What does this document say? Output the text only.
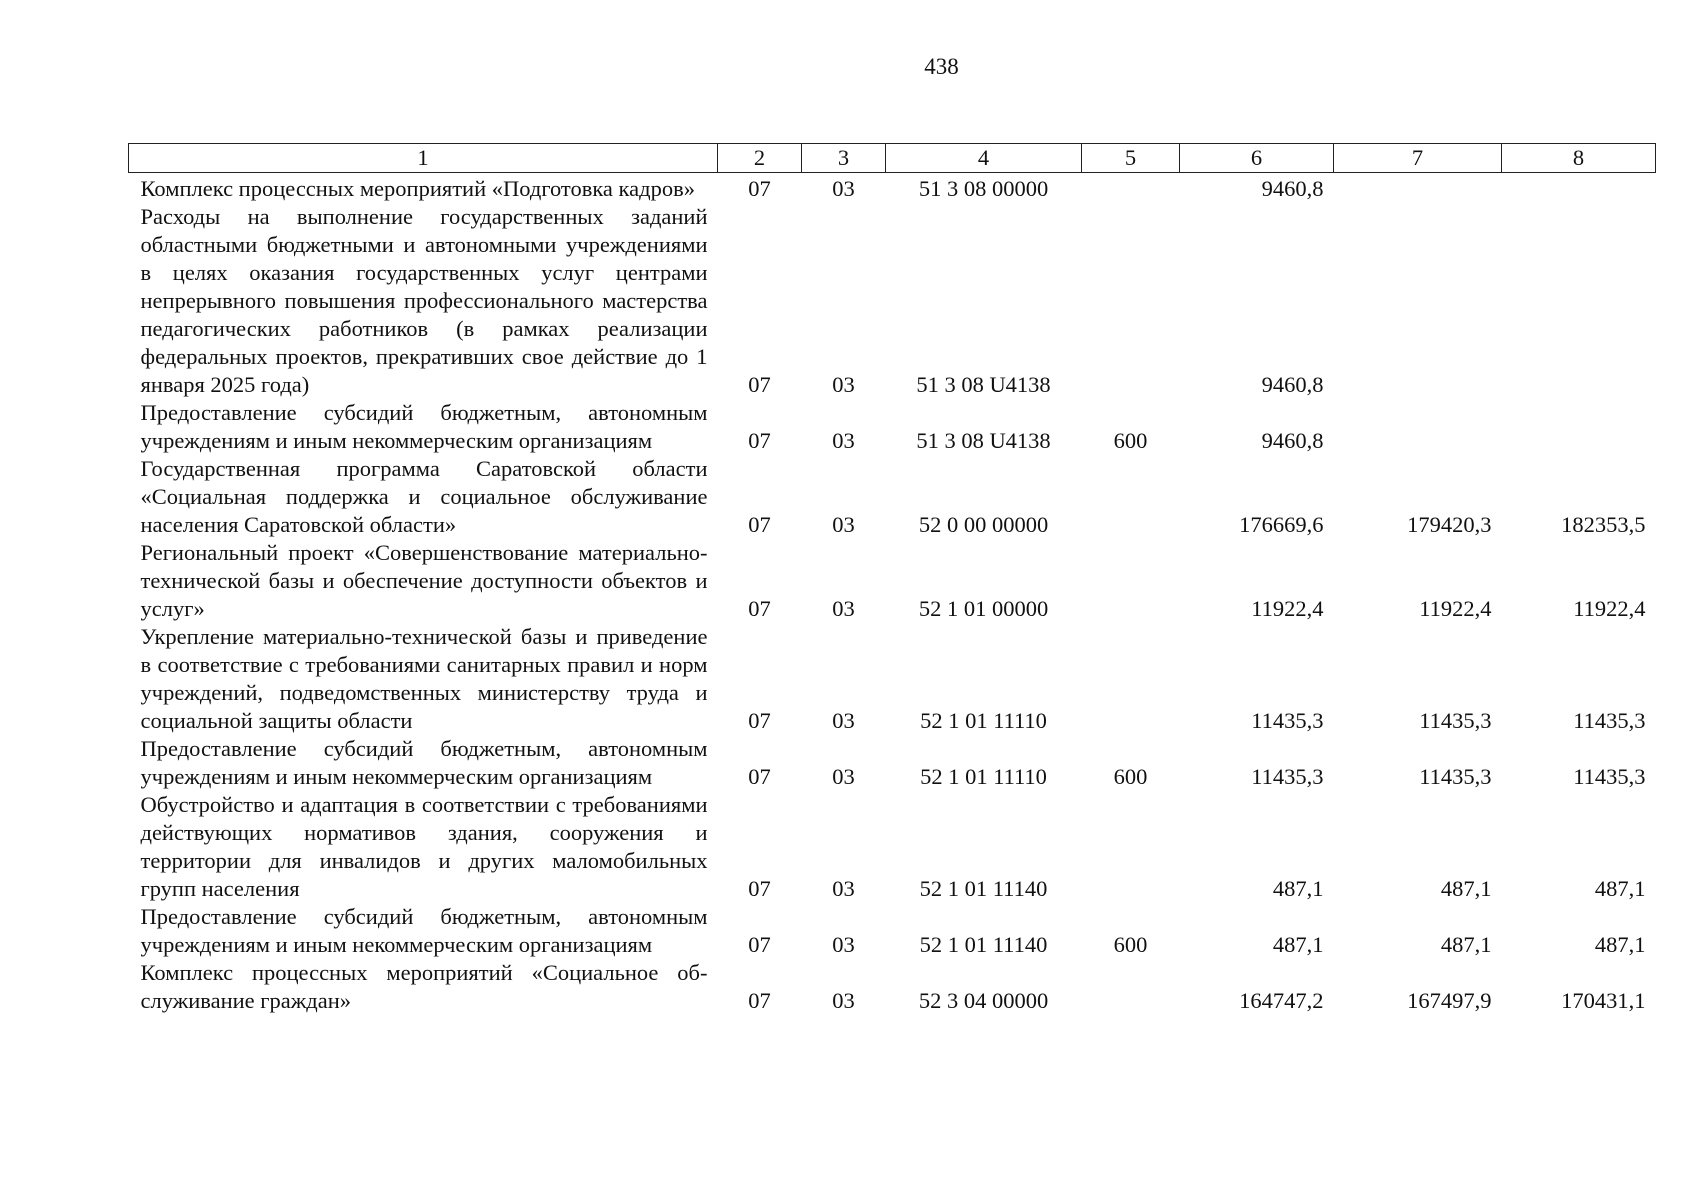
438
1	2	3	4	5	6	7	8
Комплекс процессных мероприятий «Подготовка кадров»	07	03	51 3 08 00000		9460,8		
Расходы на выполнение государственных заданий областными бюджетными и автономными учреждениями в целях оказания государственных услуг центрами непрерывного повышения профессионального мастерства педагогических работников (в рамках реализации федеральных проектов, прекративших свое действие до 1 января 2025 года)	07	03	51 3 08 U4138		9460,8		
Предоставление субсидий бюджетным, автономным учреждениям и иным некоммерческим организациям	07	03	51 3 08 U4138	600	9460,8		
Государственная программа Саратовской области «Социальная поддержка и социальное обслуживание населения Саратовской области»	07	03	52 0 00 00000		176669,6	179420,3	182353,5
Региональный проект «Совершенствование материально-технической базы и обеспечение доступности объектов и услуг»	07	03	52 1 01 00000		11922,4	11922,4	11922,4
Укрепление материально-технической базы и приведение в соответствие с требованиями санитарных правил и норм учреждений, подведомственных министерству труда и социальной защиты области	07	03	52 1 01 11110		11435,3	11435,3	11435,3
Предоставление субсидий бюджетным, автономным учреждениям и иным некоммерческим организациям	07	03	52 1 01 11110	600	11435,3	11435,3	11435,3
Обустройство и адаптация в соответствии с требованиями действующих нормативов здания, сооружения и территории для инвалидов и других маломобильных групп населения	07	03	52 1 01 11140		487,1	487,1	487,1
Предоставление субсидий бюджетным, автономным учреждениям и иным некоммерческим организациям	07	03	52 1 01 11140	600	487,1	487,1	487,1
Комплекс процессных мероприятий «Социальное обслуживание граждан»	07	03	52 3 04 00000		164747,2	167497,9	170431,1
